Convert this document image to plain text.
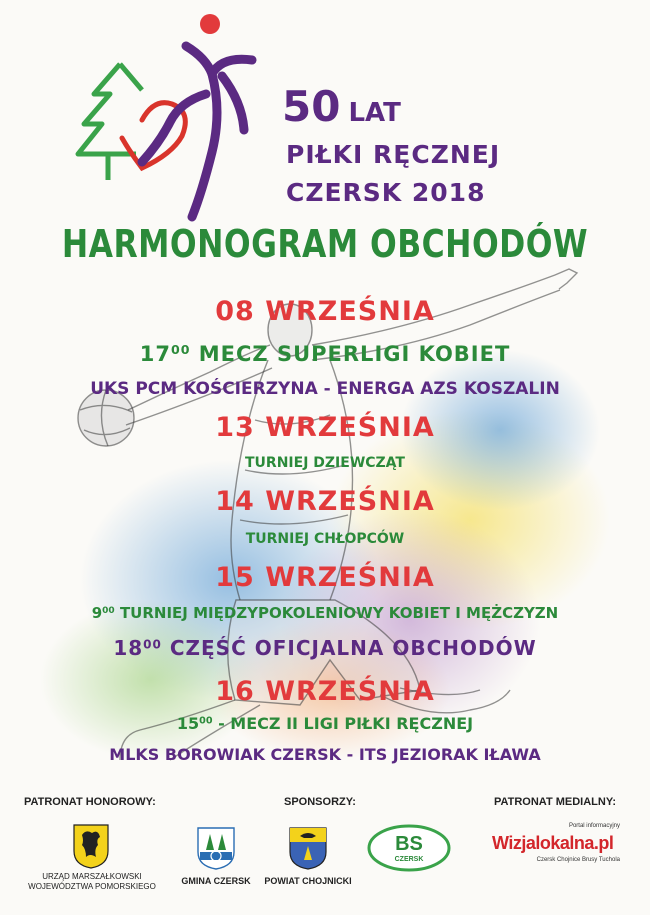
50 LAT
PIŁKI RĘCZNEJ
CZERSK 2018
HARMONOGRAM OBCHODÓW
08 WRZEŚNIA
$17^{00}$ MECZ SUPERLIGI KOBIET
UKS PCM KOŚCIERZYNA - ENERGA AZS KOSZALIN
13 WRZEŚNIA
TURNIEJ DZIEWCZĄT
14 WRZEŚNIA
TURNIEJ CHŁOPCÓW
15 WRZEŚNIA
$9^{00}$ TURNIEJ MIĘDZYPOKOLENIOWY KOBIET I MĘŻCZYZN
$18^{00}$ CZĘŚĆ OFICJALNA OBCHODÓW
16 WRZEŚNIA
$15^{00}$ - MECZ II LIGI PIŁKI RĘCZNEJ
MLKS BOROWIAK CZERSK - ITS JEZIORAK IŁAWA
PATRONAT HONOROWY:	SPONSORZY:	PATRONAT MEDIALNY:
URZĄD MARSZAŁKOWSKI
WOJEWÓDZTWA POMORSKIEGO
GMINA CZERSK	POWIAT CHOJNICKI
BS
CZERSK
Portal informacyjny
Wizjalokalna.pl
Czersk Chojnice Brusy Tuchola
